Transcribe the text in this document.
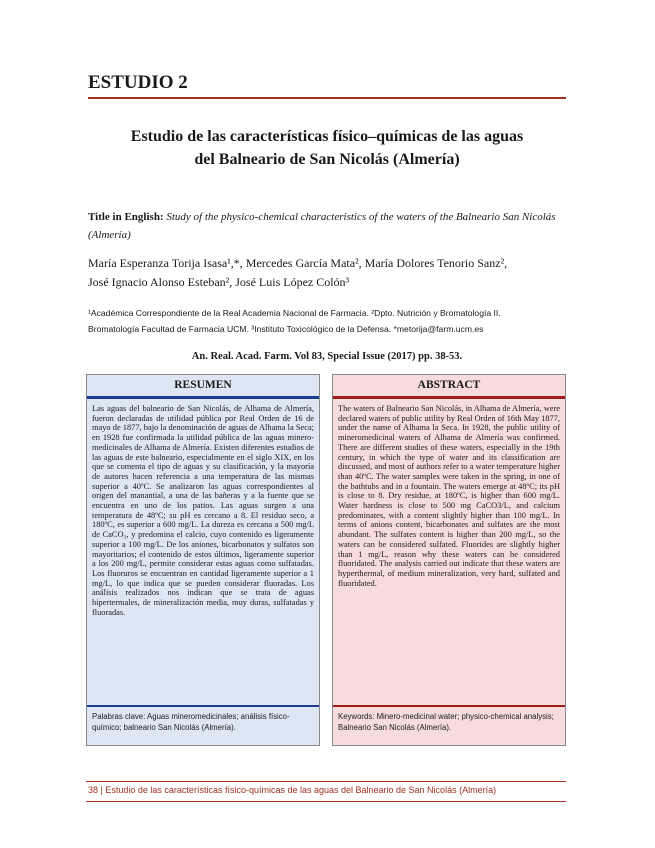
ESTUDIO 2
Estudio de las características físico–químicas de las aguas
del Balneario de San Nicolás (Almería)
Title in English: Study of the physico-chemical characteristics of the waters of the Balneario San Nicolás (Almería)
María Esperanza Torija Isasa¹,*, Mercedes García Mata², María Dolores Tenorio Sanz²,
José Ignacio Alonso Esteban², José Luis López Colón³
¹Académica Correspondiente de la Real Academia Nacional de Farmacia. ²Dpto. Nutrición y Bromatología II.
Bromatología Facultad de Farmacia UCM. ³Instituto Toxicológico de la Defensa. *metorija@farm.ucm.es
An. Real. Acad. Farm. Vol 83, Special Issue (2017) pp. 38-53.
RESUMEN
Las aguas del balneario de San Nicolás, de Alhama de Almería, fueron declaradas de utilidad pública por Real Orden de 16 de mayo de 1877, bajo la denominación de aguas de Alhama la Seca; en 1928 fue confirmada la utilidad pública de las aguas minero-medicinales de Alhama de Almería. Existen diferentes estudios de las aguas de este balneario, especialmente en el siglo XIX, en los que se comenta el tipo de aguas y su clasificación, y la mayoría de autores hacen referencia a una temperatura de las mismas superior a 40ºC. Se analizaron las aguas correspondientes al origen del manantial, a una de las bañeras y a la fuente que se encuentra en uno de los patios. Las aguas surgen a una temperatura de 48ºC; su pH es cercano a 8. El residuo seco, a 180ºC, es superior a 600 mg/L. La dureza es cercana a 500 mg/L de CaCO₃, y predomina el calcio, cuyo contenido es ligeramente superior a 100 mg/L. De los aniones, bicarbonatos y sulfatos son mayoritarios; el contenido de estos últimos, ligeramente superior a los 200 mg/L, permite considerar estas aguas como sulfatadas. Los fluoruros se encuentran en cantidad ligeramente superior a 1 mg/L, lo que indica que se pueden considerar fluoradas. Los análisis realizados nos indican que se trata de aguas hipertermales, de mineralización media, muy duras, sulfatadas y fluoradas.
Palabras clave: Aguas mineromedicinales; análisis físico-químico; balneario San Nicolás (Almería).
ABSTRACT
The waters of Balneario San Nicolás, in Alhama de Almería, were declared waters of public utility by Real Orden of 16th May 1877, under the name of Alhama la Seca. In 1928, the public utility of mineromedicinal waters of Alhama de Almería was confirmed. There are different studies of these waters, especially in the 19th century, in which the type of water and its classification are discussed, and most of authors refer to a water temperature higher than 40ºC. The water samples were taken in the spring, in one of the bathtubs and in a fountain. The waters emerge at 48ºC; its pH is close to 8. Dry residue, at 180ºC, is higher than 600 mg/L. Water hardness is close to 500 mg CaCO3/L, and calcium predominates, with a content slightly higher than 100 mg/L. In terms of anions content, bicarbonates and sulfates are the most abundant. The sulfates content is higher than 200 mg/L, so the waters can be considered sulfated. Fluorides are slightly higher than 1 mg/L, reason why these waters can be considered fluoridated. The analysis carried out indicate that these waters are hyperthermal, of medium mineralization, very hard, sulfated and fluoridated.
Keywords: Minero-medicinal water; physico-chemical analysis; Balneario San Nicolás (Almería).
38 | Estudio de las características físico-químicas de las aguas del Balneario de San Nicolás (Almería)
